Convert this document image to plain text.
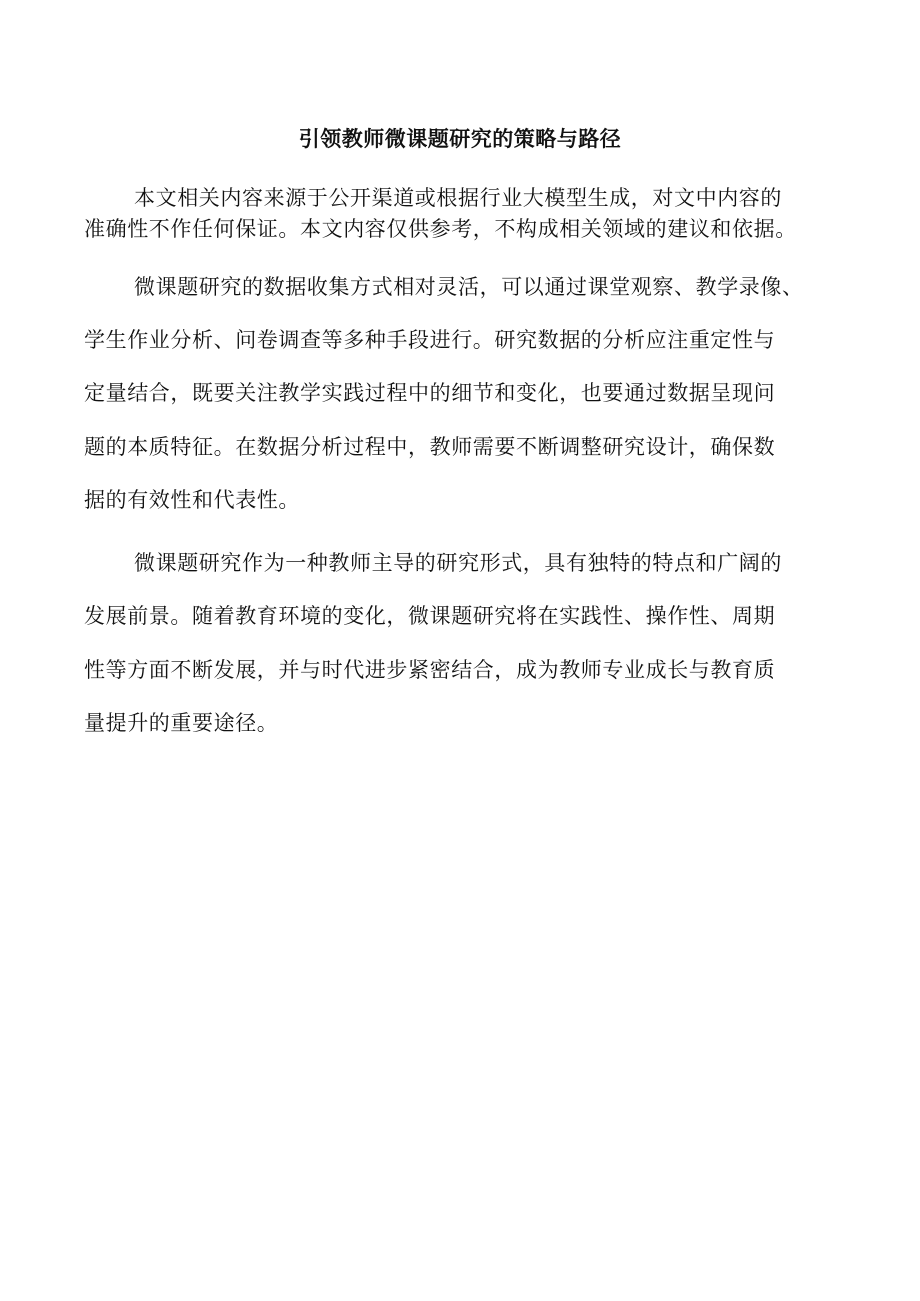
引领教师微课题研究的策略与路径
本文相关内容来源于公开渠道或根据行业大模型生成，对文中内容的
准确性不作任何保证。本文内容仅供参考，不构成相关领域的建议和依据。
微课题研究的数据收集方式相对灵活，可以通过课堂观察、教学录像、
学生作业分析、问卷调查等多种手段进行。研究数据的分析应注重定性与
定量结合，既要关注教学实践过程中的细节和变化，也要通过数据呈现问
题的本质特征。在数据分析过程中，教师需要不断调整研究设计，确保数
据的有效性和代表性。
微课题研究作为一种教师主导的研究形式，具有独特的特点和广阔的
发展前景。随着教育环境的变化，微课题研究将在实践性、操作性、周期
性等方面不断发展，并与时代进步紧密结合，成为教师专业成长与教育质
量提升的重要途径。
